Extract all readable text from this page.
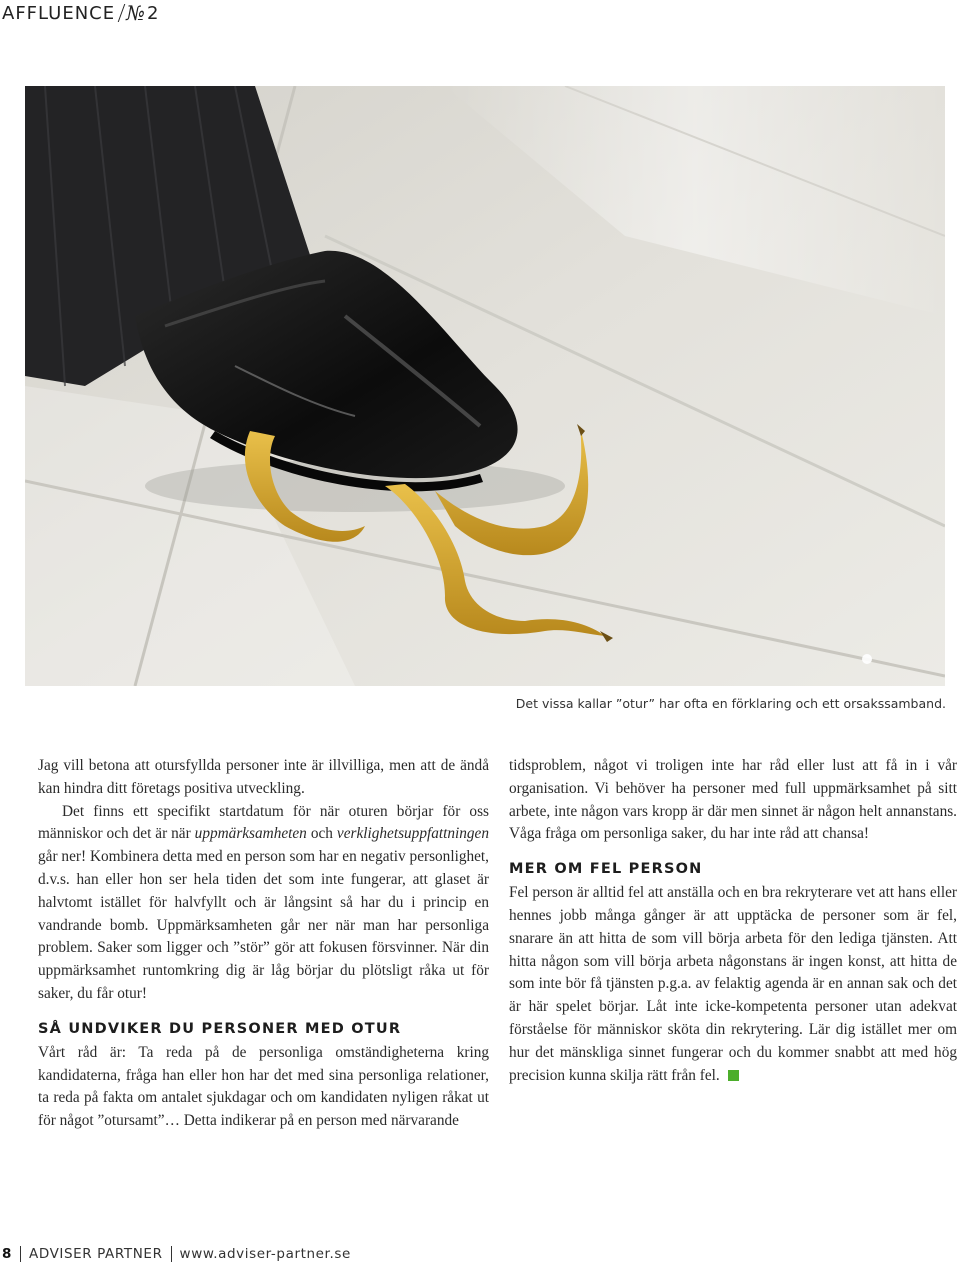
AFFLUENCE № 2
Det vissa kallar ”otur” har ofta en förklaring och ett orsakssamband.

Jag vill betona att otursfyllda personer inte är illvilliga, men att de ändå kan hindra ditt företags positiva utveckling.

Det finns ett specifikt startdatum för när oturen börjar för oss människor och det är när uppmärksamheten och verklighetsuppfattningen går ner! Kombinera detta med en person som har en negativ personlighet, d.v.s. han eller hon ser hela tiden det som inte fungerar, att glaset är halvtomt istället för halvfyllt och är långsint så har du i princip en vandrande bomb. Uppmärksamheten går ner när man har personliga problem. Saker som ligger och ”stör” gör att fokusen försvinner. När din uppmärksamhet runtomkring dig är låg börjar du plötsligt råka ut för saker, du får otur!

SÅ UNDVIKER DU PERSONER MED OTUR

Vårt råd är: Ta reda på de personliga omständigheterna kring kandidaterna, fråga han eller hon har det med sina personliga relationer, ta reda på fakta om antalet sjukdagar och om kandidaten nyligen råkat ut för något ”otursamt”… Detta indikerar på en person med närvarande

tidsproblem, något vi troligen inte har råd eller lust att få in i vår organisation. Vi behöver ha personer med full uppmärksamhet på sitt arbete, inte någon vars kropp är där men sinnet är någon helt annanstans. Våga fråga om personliga saker, du har inte råd att chansa!

MER OM FEL PERSON

Fel person är alltid fel att anställa och en bra rekryterare vet att hans eller hennes jobb många gånger är att upptäcka de personer som är fel, snarare än att hitta de som vill börja arbeta för den lediga tjänsten. Att hitta någon som vill börja arbeta någonstans är ingen konst, att hitta de som inte bör få tjänsten p.g.a. av felaktig agenda är en annan sak och det är här spelet börjar. Låt inte icke-kompetenta personer utan adekvat förståelse för människor sköta din rekrytering. Lär dig istället mer om hur det mänskliga sinnet fungerar och du kommer snabbt att med hög precision kunna skilja rätt från fel.

8 ADVISER PARTNER www.adviser-partner.se
